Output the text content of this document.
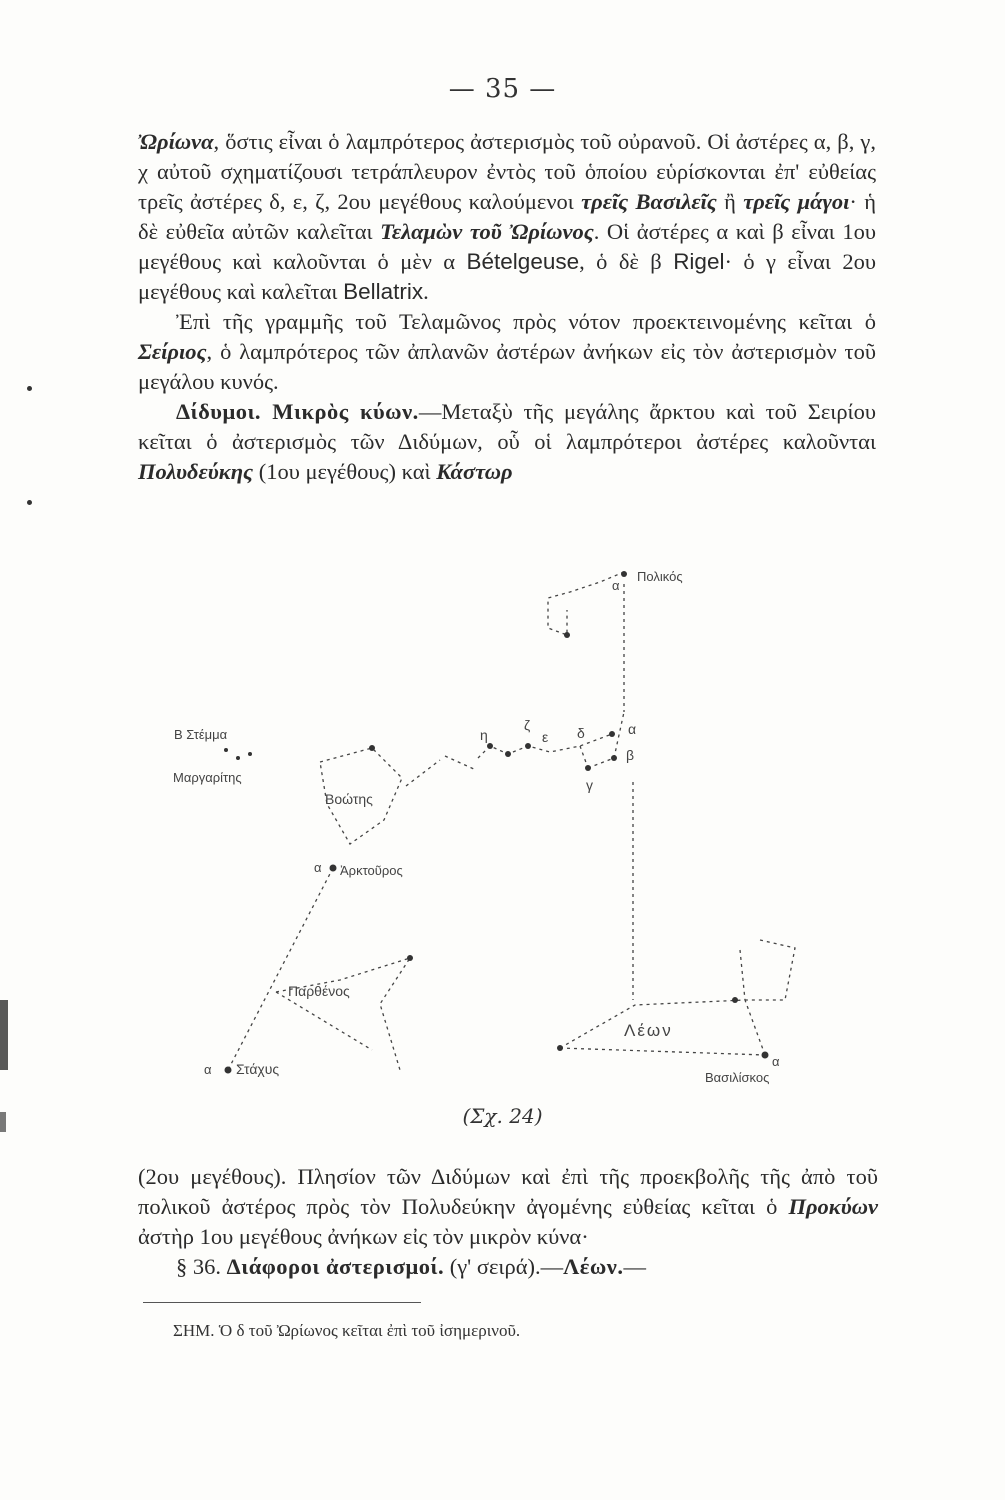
— 35 —

Ὠρίωνα, ὅστις εἶναι ὁ λαμπρότερος ἀστερισμὸς τοῦ οὐρανοῦ. Οἱ ἀστέρες α, β, γ, χ αὐτοῦ σχηματίζουσι τετράπλευρον ἐντὸς τοῦ ὁποίου εὑρίσκονται ἐπ' εὐθείας τρεῖς ἀστέρες δ, ε, ζ, 2ου μεγέθους καλούμενοι τρεῖς Βασιλεῖς ἢ τρεῖς μάγοι· ἡ δὲ εὐθεῖα αὐτῶν καλεῖται Τελαμὼν τοῦ Ὠρίωνος. Οἱ ἀστέρες α καὶ β εἶναι 1ου μεγέθους καὶ καλοῦνται ὁ μὲν α Bételgeuse, ὁ δὲ β Rigel· ὁ γ εἶναι 2ου μεγέθους καὶ καλεῖται Bellatrix.

Ἐπὶ τῆς γραμμῆς τοῦ Τελαμῶνος πρὸς νότον προεκτεινομένης κεῖται ὁ Σείριος, ὁ λαμπρότερος τῶν ἀπλανῶν ἀστέρων ἀνήκων εἰς τὸν ἀστερισμὸν τοῦ μεγάλου κυνός.

Δίδυμοι. Μικρὸς κύων.—Μεταξὺ τῆς μεγάλης ἄρκτου καὶ τοῦ Σειρίου κεῖται ὁ ἀστερισμὸς τῶν Διδύμων, οὗ οἱ λαμπρότεροι ἀστέρες καλοῦνται Πολυδεύκης (1ου μεγέθους) καὶ Κάστωρ

Πολικός
α
Β Στέμμα
Μαργαρίτης
Βοώτης
Ἀρκτοῦρος
α
Παρθένος
Στάχυς
α
Λέων
Βασιλίσκος
α
ζ
η	ε δ	α
β
γ
(Σχ. 24)

(2ου μεγέθους). Πλησίον τῶν Διδύμων καὶ ἐπὶ τῆς προεκβολῆς τῆς ἀπὸ τοῦ πολικοῦ ἀστέρος πρὸς τὸν Πολυδεύκην ἀγομένης εὐθείας κεῖται ὁ Προκύων ἀστὴρ 1ου μεγέθους ἀνήκων εἰς τὸν μικρὸν κύνα·

§ 36. Διάφοροι ἀστερισμοί. (γ' σειρά).—Λέων.—

ΣΗΜ. Ὁ δ τοῦ Ὠρίωνος κεῖται ἐπὶ τοῦ ἰσημερινοῦ.
